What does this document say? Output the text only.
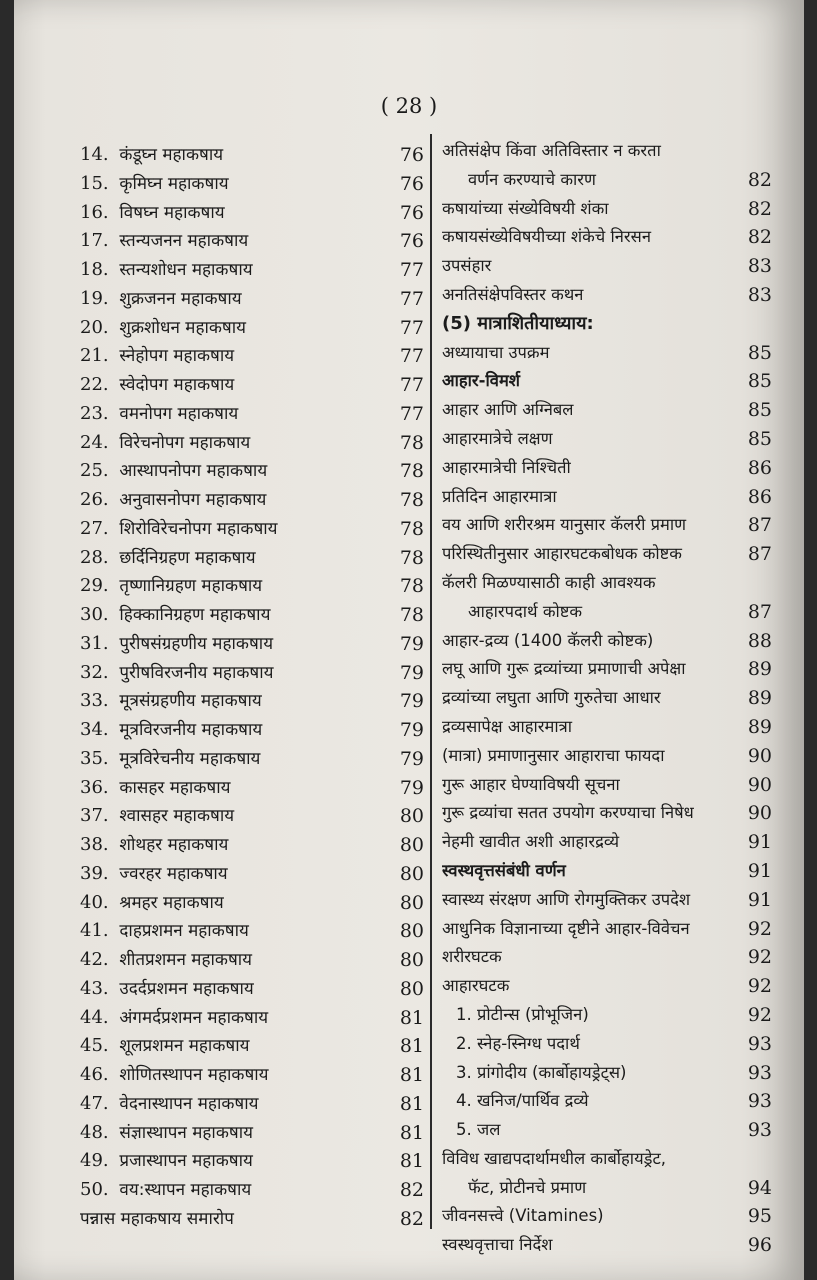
( 28 )
14. कंडूघ्न महाकषाय	76
15. कृमिघ्न महाकषाय	76
16. विषघ्न महाकषाय	76
17. स्तन्यजनन महाकषाय	76
18. स्तन्यशोधन महाकषाय	77
19. शुक्रजनन महाकषाय	77
20. शुक्रशोधन महाकषाय	77
21. स्नेहोपग महाकषाय	77
22. स्वेदोपग महाकषाय	77
23. वमनोपग महाकषाय	77
24. विरेचनोपग महाकषाय	78
25. आस्थापनोपग महाकषाय	78
26. अनुवासनोपग महाकषाय	78
27. शिरोविरेचनोपग महाकषाय	78
28. छर्दिनिग्रहण महाकषाय	78
29. तृष्णानिग्रहण महाकषाय	78
30. हिक्कानिग्रहण महाकषाय	78
31. पुरीषसंग्रहणीय महाकषाय	79
32. पुरीषविरजनीय महाकषाय	79
33. मूत्रसंग्रहणीय महाकषाय	79
34. मूत्रविरजनीय महाकषाय	79
35. मूत्रविरेचनीय महाकषाय	79
36. कासहर महाकषाय	79
37. श्वासहर महाकषाय	80
38. शोथहर महाकषाय	80
39. ज्वरहर महाकषाय	80
40. श्रमहर महाकषाय	80
41. दाहप्रशमन महाकषाय	80
42. शीतप्रशमन महाकषाय	80
43. उदर्दप्रशमन महाकषाय	80
44. अंगमर्दप्रशमन महाकषाय	81
45. शूलप्रशमन महाकषाय	81
46. शोणितस्थापन महाकषाय	81
47. वेदनास्थापन महाकषाय	81
48. संज्ञास्थापन महाकषाय	81
49. प्रजास्थापन महाकषाय	81
50. वय:स्थापन महाकषाय	82
पन्नास महाकषाय समारोप	82
अतिसंक्षेप किंवा अतिविस्तार न करता
वर्णन करण्याचे कारण	82
कषायांच्या संख्येविषयी शंका	82
कषायसंख्येविषयीच्या शंकेचे निरसन	82
उपसंहार	83
अनतिसंक्षेपविस्तर कथन	83
(5) मात्राशितीयाध्याय:
अध्यायाचा उपक्रम	85
आहार-विमर्श	85
आहार आणि अग्निबल	85
आहारमात्रेचे लक्षण	85
आहारमात्रेची निश्चिती	86
प्रतिदिन आहारमात्रा	86
वय आणि शरीरश्रम यानुसार कॅलरी प्रमाण	87
परिस्थितीनुसार आहारघटकबोधक कोष्टक	87
कॅलरी मिळण्यासाठी काही आवश्यक
आहारपदार्थ कोष्टक	87
आहार-द्रव्य (1400 कॅलरी कोष्टक)	88
लघू आणि गुरू द्रव्यांच्या प्रमाणाची अपेक्षा	89
द्रव्यांच्या लघुता आणि गुरुतेचा आधार	89
द्रव्यसापेक्ष आहारमात्रा	89
(मात्रा) प्रमाणानुसार आहाराचा फायदा	90
गुरू आहार घेण्याविषयी सूचना	90
गुरू द्रव्यांचा सतत उपयोग करण्याचा निषेध	90
नेहमी खावीत अशी आहारद्रव्ये	91
स्वस्थवृत्तसंबंधी वर्णन	91
स्वास्थ्य संरक्षण आणि रोगमुक्तिकर उपदेश	91
आधुनिक विज्ञानाच्या दृष्टीने आहार-विवेचन	92
शरीरघटक	92
आहारघटक	92
1. प्रोटीन्स (प्रोभूजिन)	92
2. स्नेह-स्निग्ध पदार्थ	93
3. प्रांगोदीय (कार्बोहायड्रेट्स)	93
4. खनिज/पार्थिव द्रव्ये	93
5. जल	93
विविध खाद्यपदार्थामधील कार्बोहायड्रेट,
फॅट, प्रोटीनचे प्रमाण	94
जीवनसत्त्वे (Vitamines)	95
स्वस्थवृत्ताचा निर्देश	96
